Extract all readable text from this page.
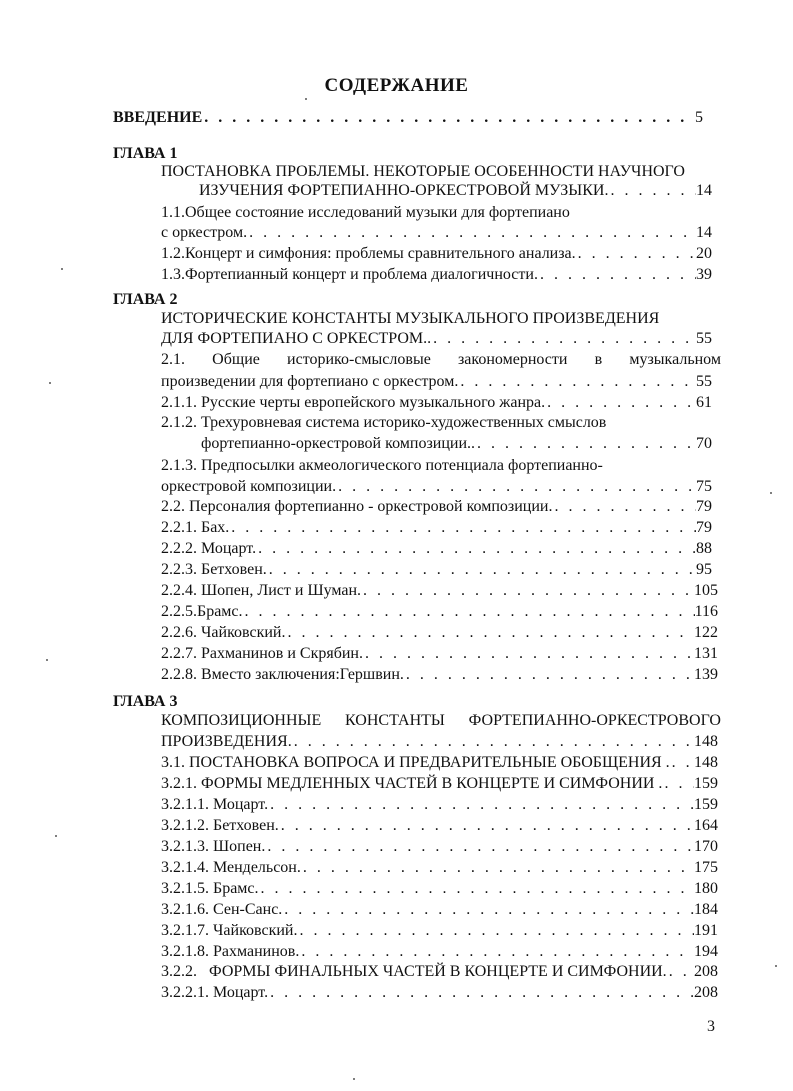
СОДЕРЖАНИЕ
ВВЕДЕНИЕ . . .	5
ГЛАВА 1
ПОСТАНОВКА ПРОБЛЕМЫ. НЕКОТОРЫЕ ОСОБЕННОСТИ НАУЧНОГО
ИЗУЧЕНИЯ ФОРТЕПИАННО-ОРКЕСТРОВОЙ МУЗЫКИ. . . .	14
1.1.Общее состояние исследований музыки для фортепиано
с оркестром. . . .	14
1.2.Концерт и симфония: проблемы сравнительного анализа. . . .	20
1.3.Фортепианный концерт и проблема диалогичности. . . .	39
ГЛАВА 2
ИСТОРИЧЕСКИЕ КОНСТАНТЫ МУЗЫКАЛЬНОГО ПРОИЗВЕДЕНИЯ
ДЛЯ ФОРТЕПИАНО С ОРКЕСТРОМ.. . . .	55
2.1. Общие историко-смысловые закономерности в музыкальном
произведении для фортепиано с оркестром. . . .	55
2.1.1. Русские черты европейского музыкального жанра. . . .	61
2.1.2. Трехуровневая система историко-художественных смыслов
фортепианно-оркестровой композиции.. . . .	70
2.1.3. Предпосылки акмеологического потенциала фортепианно-
оркестровой композиции. . . .	75
2.2. Персоналия фортепианно - оркестровой композиции. . . .	79
2.2.1. Бах. . . .	79
2.2.2. Моцарт. . . .	88
2.2.3. Бетховен. . . .	95
2.2.4. Шопен, Лист и Шуман. . . .	105
2.2.5.Брамс. . . .	116
2.2.6. Чайковский. . . .	122
2.2.7. Рахманинов и Скрябин. . . .	131
2.2.8. Вместо заключения:Гершвин. . . .	139
ГЛАВА 3
КОМПОЗИЦИОННЫЕ КОНСТАНТЫ ФОРТЕПИАННО-ОРКЕСТРОВОГО
ПРОИЗВЕДЕНИЯ. . . .	148
3.1. ПОСТАНОВКА ВОПРОСА И ПРЕДВАРИТЕЛЬНЫЕ ОБОБЩЕНИЯ . . . . 148
3.2.1. ФОРМЫ МЕДЛЕННЫХ ЧАСТЕЙ В КОНЦЕРТЕ И СИМФОНИИ . . . . 159
3.2.1.1. Моцарт. . . .	159
3.2.1.2. Бетховен. . . .	164
3.2.1.3. Шопен. . . .	170
3.2.1.4. Мендельсон. . . .	175
3.2.1.5. Брамс. . . .	180
3.2.1.6. Сен-Санс. . . .	184
3.2.1.7. Чайковский. . . .	191
3.2.1.8. Рахманинов. . . .	194
3.2.2.   ФОРМЫ ФИНАЛЬНЫХ ЧАСТЕЙ В КОНЦЕРТЕ И СИМФОНИИ. . . . 208
3.2.2.1. Моцарт. . . .	208
3
